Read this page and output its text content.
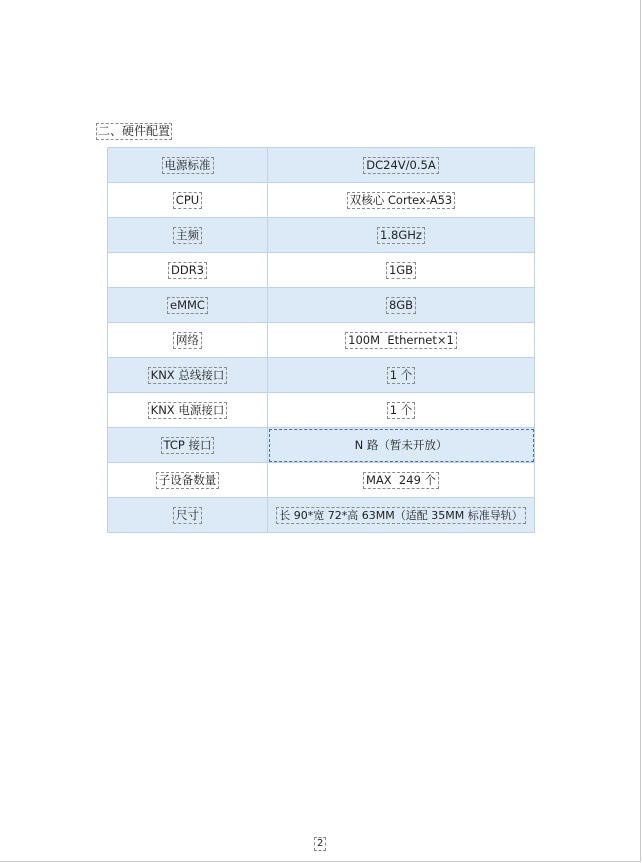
二、硬件配置
电源标准	DC24V/0.5A
CPU	双核心 Cortex-A53
主频	1.8GHz
DDR3	1GB
eMMC	8GB
网络	100M  Ethernet×1
KNX 总线接口	1 个
KNX 电源接口	1 个
TCP 接口	N 路（暂未开放）
子设备数量	MAX  249 个
尺寸	长 90*宽 72*高 63MM（适配 35MM 标准导轨）
2
